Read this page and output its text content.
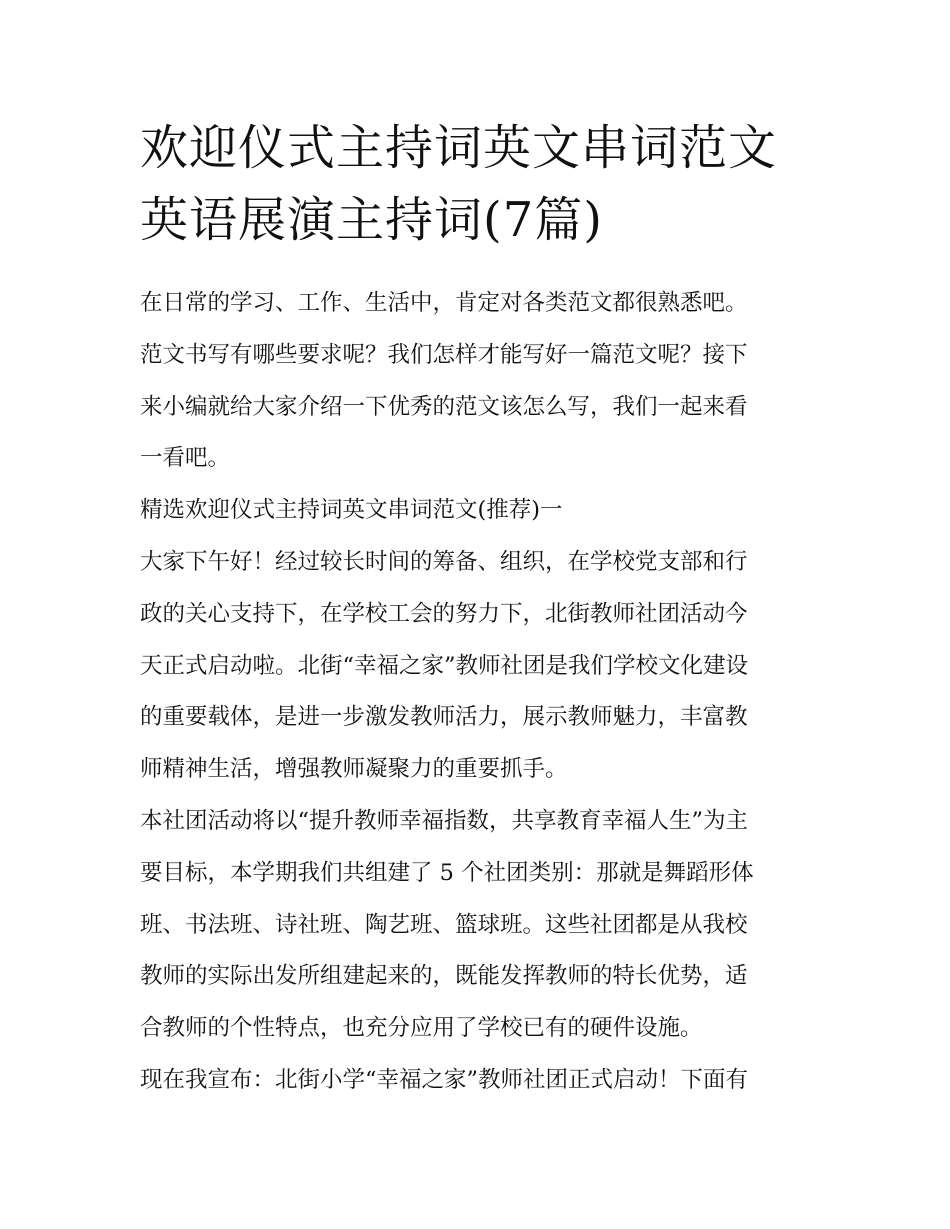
欢迎仪式主持词英文串词范文
英语展演主持词(7篇)

在日常的学习、工作、生活中，肯定对各类范文都很熟悉吧。
范文书写有哪些要求呢？我们怎样才能写好一篇范文呢？接下
来小编就给大家介绍一下优秀的范文该怎么写，我们一起来看
一看吧。

精选欢迎仪式主持词英文串词范文(推荐)一

大家下午好！经过较长时间的筹备、组织，在学校党支部和行
政的关心支持下，在学校工会的努力下，北街教师社团活动今
天正式启动啦。北街“幸福之家”教师社团是我们学校文化建设
的重要载体，是进一步激发教师活力，展示教师魅力，丰富教
师精神生活，增强教师凝聚力的重要抓手。

本社团活动将以“提升教师幸福指数，共享教育幸福人生”为主
要目标，本学期我们共组建了 5 个社团类别：那就是舞蹈形体
班、书法班、诗社班、陶艺班、篮球班。这些社团都是从我校
教师的实际出发所组建起来的，既能发挥教师的特长优势，适
合教师的个性特点，也充分应用了学校已有的硬件设施。

现在我宣布：北街小学“幸福之家”教师社团正式启动！下面有
